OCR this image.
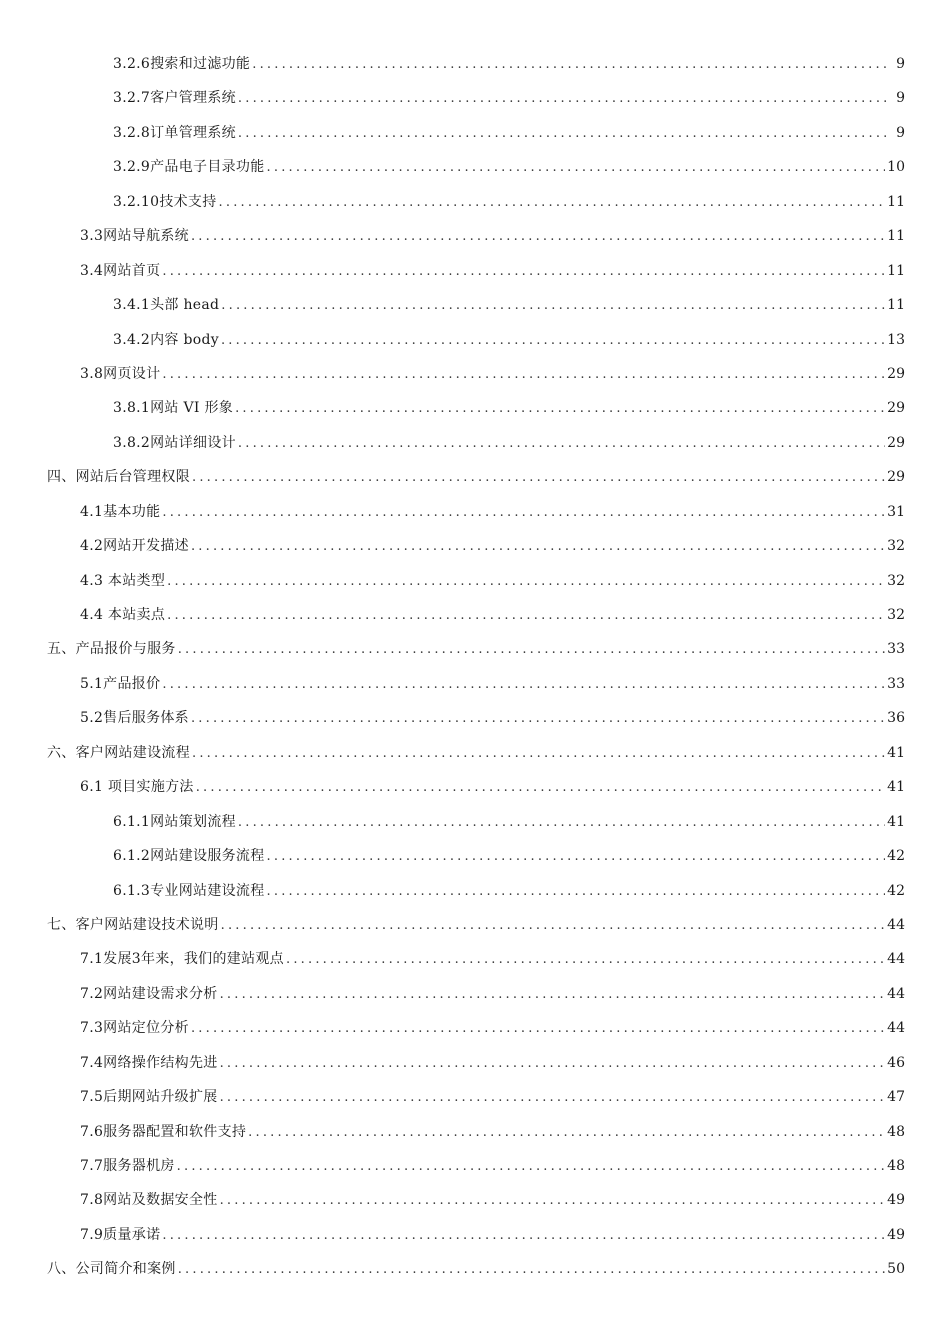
3.2.6搜索和过滤功能 .....	9
3.2.7客户管理系统 .....	9
3.2.8订单管理系统 .....	9
3.2.9产品电子目录功能 .....	10
3.2.10技术支持 .....	11
3.3网站导航系统 .....	11
3.4网站首页 .....	11
3.4.1头部 head .....	11
3.4.2内容 body .....	13
3.8网页设计 .....	29
3.8.1网站 VI 形象 .....	29
3.8.2网站详细设计 .....	29
四、网站后台管理权限 .....	29
4.1基本功能 .....	31
4.2网站开发描述 .....	32
4.3 本站类型 .....	32
4.4 本站卖点 .....	32
五、产品报价与服务 .....	33
5.1产品报价 .....	33
5.2售后服务体系 .....	36
六、客户网站建设流程 .....	41
6.1 项目实施方法 .....	41
6.1.1网站策划流程 .....	41
6.1.2网站建设服务流程 .....	42
6.1.3专业网站建设流程 .....	42
七、客户网站建设技术说明 .....	44
7.1发展3年来，我们的建站观点 .....	44
7.2网站建设需求分析 .....	44
7.3网站定位分析 .....	44
7.4网络操作结构先进 .....	46
7.5后期网站升级扩展 .....	47
7.6服务器配置和软件支持 .....	48
7.7服务器机房 .....	48
7.8网站及数据安全性 .....	49
7.9质量承诺 .....	49
八、公司简介和案例 .....	50
